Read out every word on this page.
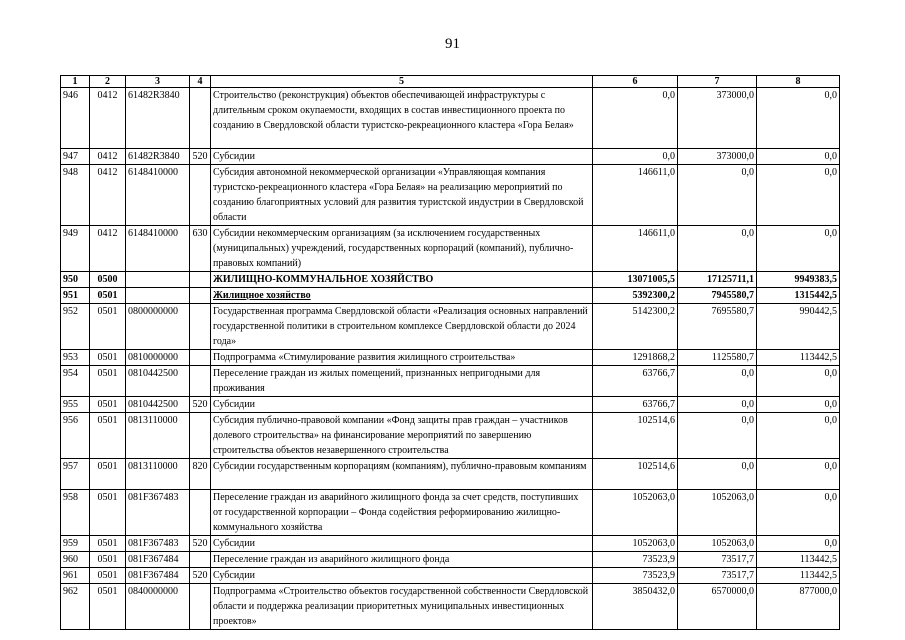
91
1	2	3	4	5	6	7	8
946	0412	61482R3840		Строительство (реконструкция) объектов обеспечивающей инфраструктуры с длительным сроком окупаемости, входящих в состав инвестиционного проекта по созданию в Свердловской области туристско-рекреационного кластера «Гора Белая»	0,0	373000,0	0,0
947	0412	61482R3840	520	Субсидии	0,0	373000,0	0,0
948	0412	6148410000		Субсидия автономной некоммерческой организации «Управляющая компания туристско-рекреационного кластера «Гора Белая» на реализацию мероприятий по созданию благоприятных условий для развития туристской индустрии в Свердловской области	146611,0	0,0	0,0
949	0412	6148410000	630	Субсидии некоммерческим организациям (за исключением государственных (муниципальных) учреждений, государственных корпораций (компаний), публично-правовых компаний)	146611,0	0,0	0,0
950	0500			ЖИЛИЩНО-КОММУНАЛЬНОЕ ХОЗЯЙСТВО	13071005,5	17125711,1	9949383,5
951	0501			Жилищное хозяйство	5392300,2	7945580,7	1315442,5
952	0501	0800000000		Государственная программа Свердловской области «Реализация основных направлений государственной политики в строительном комплексе Свердловской области до 2024 года»	5142300,2	7695580,7	990442,5
953	0501	0810000000		Подпрограмма «Стимулирование развития жилищного строительства»	1291868,2	1125580,7	113442,5
954	0501	0810442500		Переселение граждан из жилых помещений, признанных непригодными для проживания	63766,7	0,0	0,0
955	0501	0810442500	520	Субсидии	63766,7	0,0	0,0
956	0501	0813110000		Субсидия публично-правовой компании «Фонд защиты прав граждан – участников долевого строительства» на финансирование мероприятий по завершению строительства объектов незавершенного строительства	102514,6	0,0	0,0
957	0501	0813110000	820	Субсидии государственным корпорациям (компаниям), публично-правовым компаниям	102514,6	0,0	0,0
958	0501	081F367483		Переселение граждан из аварийного жилищного фонда за счет средств, поступивших от государственной корпорации – Фонда содействия реформированию жилищно-коммунального хозяйства	1052063,0	1052063,0	0,0
959	0501	081F367483	520	Субсидии	1052063,0	1052063,0	0,0
960	0501	081F367484		Переселение граждан из аварийного жилищного фонда	73523,9	73517,7	113442,5
961	0501	081F367484	520	Субсидии	73523,9	73517,7	113442,5
962	0501	0840000000		Подпрограмма «Строительство объектов государственной собственности Свердловской области и поддержка реализации приоритетных муниципальных инвестиционных проектов»	3850432,0	6570000,0	877000,0
